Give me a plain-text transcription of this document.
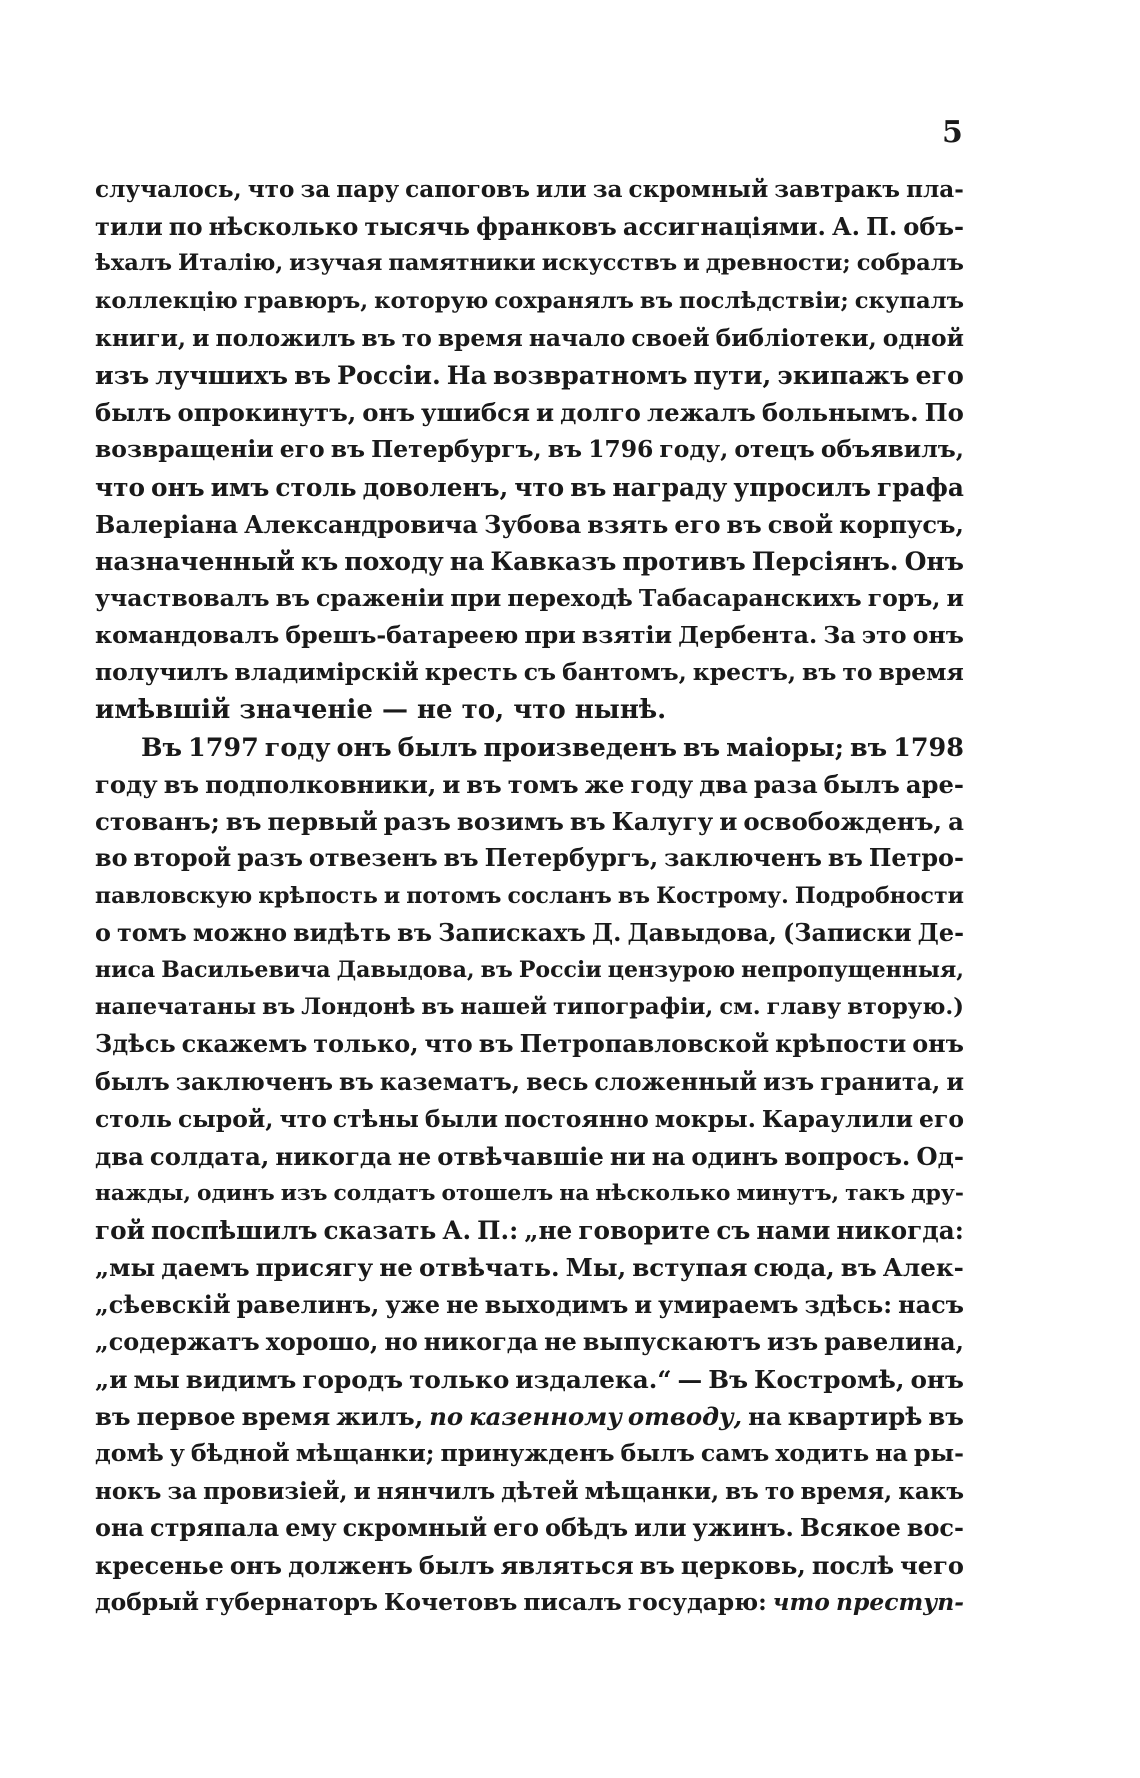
5
случалось, что за пару сапоговъ или за скромный завтракъ пла-
тили по нѣсколько тысячь франковъ ассигнаціями. А. П. объ-
ѣхалъ Италію, изучая памятники искусствъ и древности; собралъ
коллекцію гравюръ, которую сохранялъ въ послѣдствіи; скупалъ
книги, и положилъ въ то время начало своей библіотеки, одной
изъ лучшихъ въ Россіи. На возвратномъ пути, экипажъ его
былъ опрокинутъ, онъ ушибся и долго лежалъ больнымъ. По
возвращеніи его въ Петербургъ, въ 1796 году, отецъ объявилъ,
что онъ имъ столь доволенъ, что въ награду упросилъ графа
Валеріана Александровича Зубова взять его въ свой корпусъ,
назначенный къ походу на Кавказъ противъ Персіянъ. Онъ
участвовалъ въ сраженіи при переходѣ Табасаранскихъ горъ, и
командовалъ брешъ-батареею при взятіи Дербента. За это онъ
получилъ владимірскій кресть съ бантомъ, крестъ, въ то время
имѣвшій
значеніе
—
не
то,
что
нынѣ.
Въ 1797 году онъ былъ произведенъ въ маіоры; въ 1798
году въ подполковники, и въ томъ же году два раза былъ аре-
стованъ; въ первый разъ возимъ въ Калугу и освобожденъ, а
во второй разъ отвезенъ въ Петербургъ, заключенъ въ Петро-
павловскую крѣпость и потомъ сосланъ въ Кострому. Подробности
о томъ можно видѣть въ Запискахъ Д. Давыдова, (Записки Де-
ниса Васильевича Давыдова, въ Россіи цензурою непропущенныя,
напечатаны въ Лондонѣ въ нашей типографіи, см. главу вторую.)
Здѣсь скажемъ только, что въ Петропавловской крѣпости онъ
былъ заключенъ въ казематъ, весь сложенный изъ гранита, и
столь сырой, что стѣны были постоянно мокры. Караулили его
два солдата, никогда не отвѣчавшіе ни на одинъ вопросъ. Од-
нажды, одинъ изъ солдатъ отошелъ на нѣсколько минутъ, такъ дру-
гой поспѣшилъ сказать А. П.: „не говорите съ нами никогда:
„мы даемъ присягу не отвѣчать. Мы, вступая сюда, въ Алек-
„сѣевскій равелинъ, уже не выходимъ и умираемъ здѣсь: насъ
„содержатъ хорошо, но никогда не выпускаютъ изъ равелина,
„и мы видимъ городъ только издалека.“ — Въ Костромѣ, онъ
въ первое время жилъ, по казенному отводу, на квартирѣ въ
домѣ у бѣдной мѣщанки; принужденъ былъ самъ ходить на ры-
нокъ за провизіей, и нянчилъ дѣтей мѣщанки, въ то время, какъ
она стряпала ему скромный его обѣдъ или ужинъ. Всякое вос-
кресенье онъ долженъ былъ являться въ церковь, послѣ чего
добрый губернаторъ Кочетовъ писалъ государю: что преступ-
